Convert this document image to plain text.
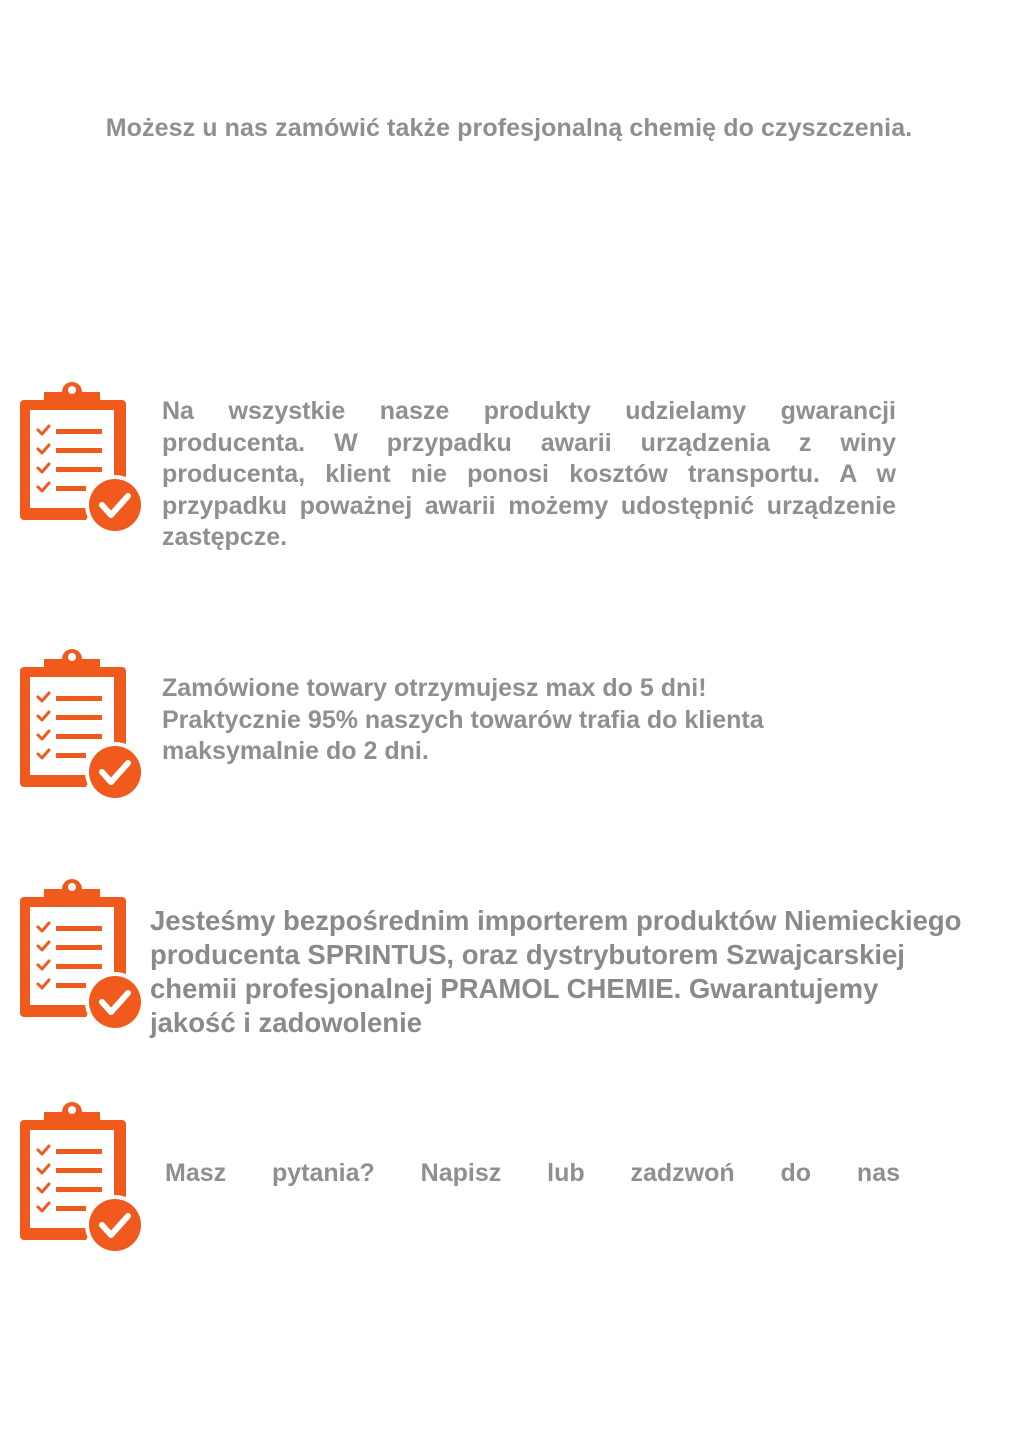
Możesz u nas zamówić także profesjonalną chemię do czyszczenia.
Na wszystkie nasze produkty udzielamy gwarancji producenta. W przypadku awarii urządzenia z winy producenta, klient nie ponosi kosztów transportu. A w przypadku poważnej awarii możemy udostępnić urządzenie zastępcze.
Zamówione towary otrzymujesz max do 5 dni!
Praktycznie 95% naszych towarów trafia do klienta
maksymalnie do 2 dni.
Jesteśmy bezpośrednim importerem produktów Niemieckiego
producenta SPRINTUS, oraz dystrybutorem Szwajcarskiej
chemii profesjonalnej PRAMOL CHEMIE. Gwarantujemy
jakość i zadowolenie
Masz pytania? Napisz lub zadzwoń do nas
